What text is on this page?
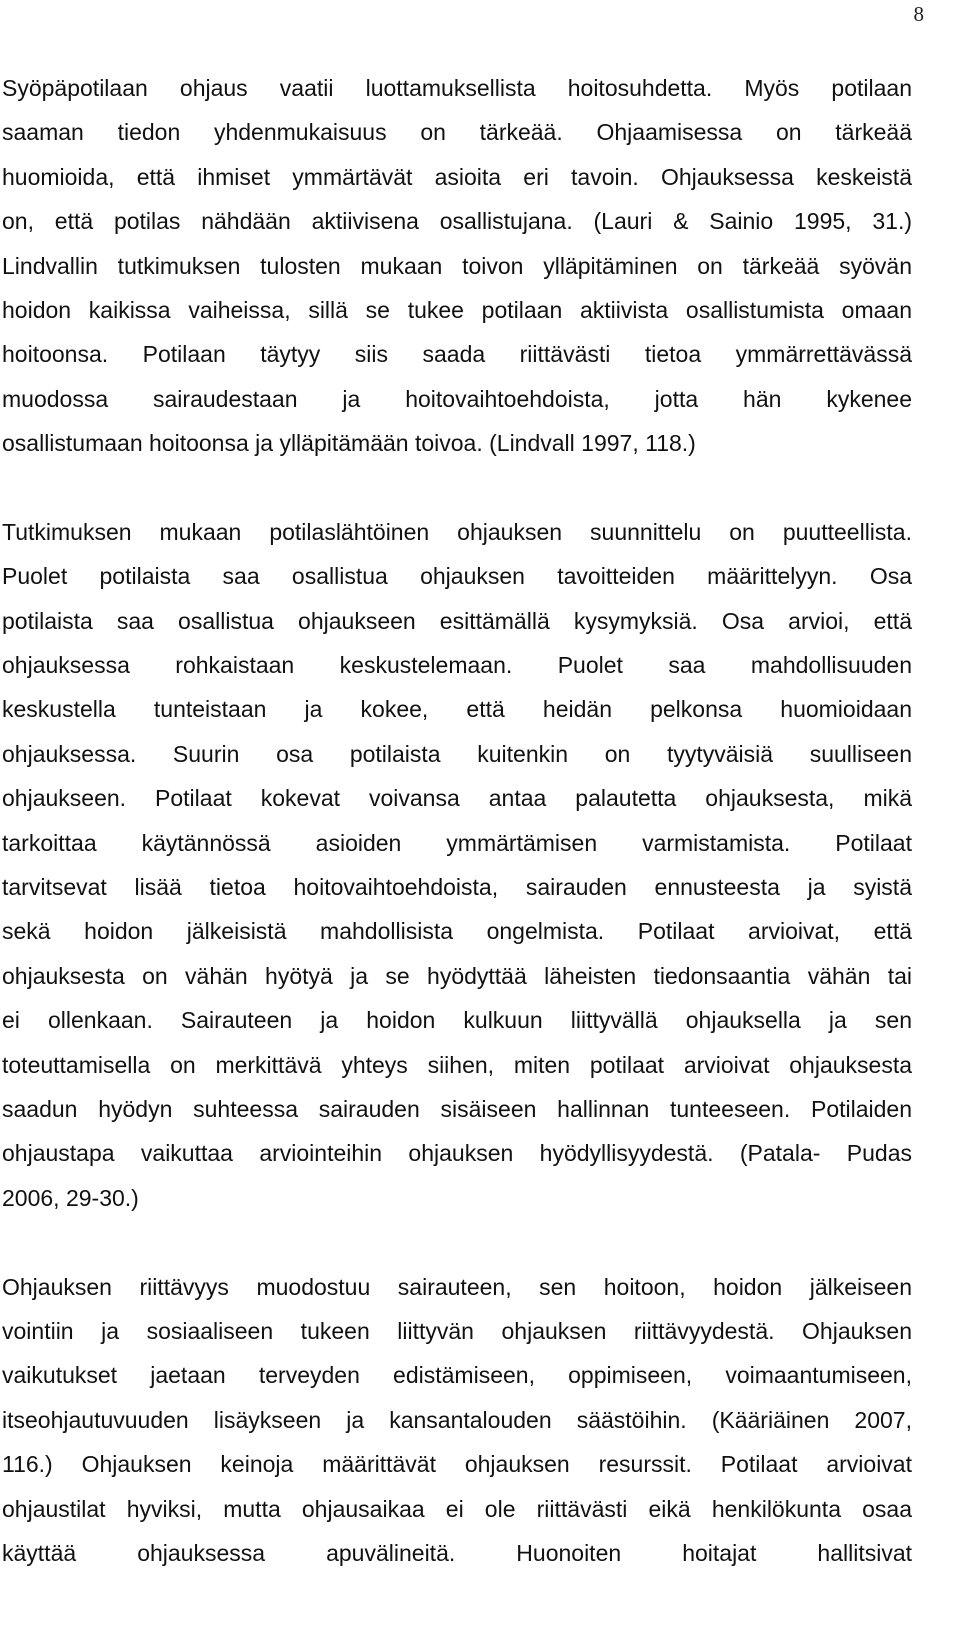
8
Syöpäpotilaan ohjaus vaatii luottamuksellista hoitosuhdetta. Myös potilaan
saaman tiedon yhdenmukaisuus on tärkeää. Ohjaamisessa on tärkeää
huomioida, että ihmiset ymmärtävät asioita eri tavoin. Ohjauksessa keskeistä
on, että potilas nähdään aktiivisena osallistujana. (Lauri & Sainio 1995, 31.)
Lindvallin tutkimuksen tulosten mukaan toivon ylläpitäminen on tärkeää syövän
hoidon kaikissa vaiheissa, sillä se tukee potilaan aktiivista osallistumista omaan
hoitoonsa. Potilaan täytyy siis saada riittävästi tietoa ymmärrettävässä
muodossa sairaudestaan ja hoitovaihtoehdoista, jotta hän kykenee
osallistumaan hoitoonsa ja ylläpitämään toivoa. (Lindvall 1997, 118.)
Tutkimuksen mukaan potilaslähtöinen ohjauksen suunnittelu on puutteellista.
Puolet potilaista saa osallistua ohjauksen tavoitteiden määrittelyyn. Osa
potilaista saa osallistua ohjaukseen esittämällä kysymyksiä. Osa arvioi, että
ohjauksessa rohkaistaan keskustelemaan. Puolet saa mahdollisuuden
keskustella tunteistaan ja kokee, että heidän pelkonsa huomioidaan
ohjauksessa. Suurin osa potilaista kuitenkin on tyytyväisiä suulliseen
ohjaukseen. Potilaat kokevat voivansa antaa palautetta ohjauksesta, mikä
tarkoittaa käytännössä asioiden ymmärtämisen varmistamista. Potilaat
tarvitsevat lisää tietoa hoitovaihtoehdoista, sairauden ennusteesta ja syistä
sekä hoidon jälkeisistä mahdollisista ongelmista. Potilaat arvioivat, että
ohjauksesta on vähän hyötyä ja se hyödyttää läheisten tiedonsaantia vähän tai
ei ollenkaan. Sairauteen ja hoidon kulkuun liittyvällä ohjauksella ja sen
toteuttamisella on merkittävä yhteys siihen, miten potilaat arvioivat ohjauksesta
saadun hyödyn suhteessa sairauden sisäiseen hallinnan tunteeseen. Potilaiden
ohjaustapa vaikuttaa arviointeihin ohjauksen hyödyllisyydestä. (Patala- Pudas
2006, 29-30.)
Ohjauksen riittävyys muodostuu sairauteen, sen hoitoon, hoidon jälkeiseen
vointiin ja sosiaaliseen tukeen liittyvän ohjauksen riittävyydestä. Ohjauksen
vaikutukset jaetaan terveyden edistämiseen, oppimiseen, voimaantumiseen,
itseohjautuvuuden lisäykseen ja kansantalouden säästöihin. (Kääriäinen 2007,
116.) Ohjauksen keinoja määrittävät ohjauksen resurssit. Potilaat arvioivat
ohjaustilat hyviksi, mutta ohjausaikaa ei ole riittävästi eikä henkilökunta osaa
käyttää ohjauksessa apuvälineitä. Huonoiten hoitajat hallitsivat
